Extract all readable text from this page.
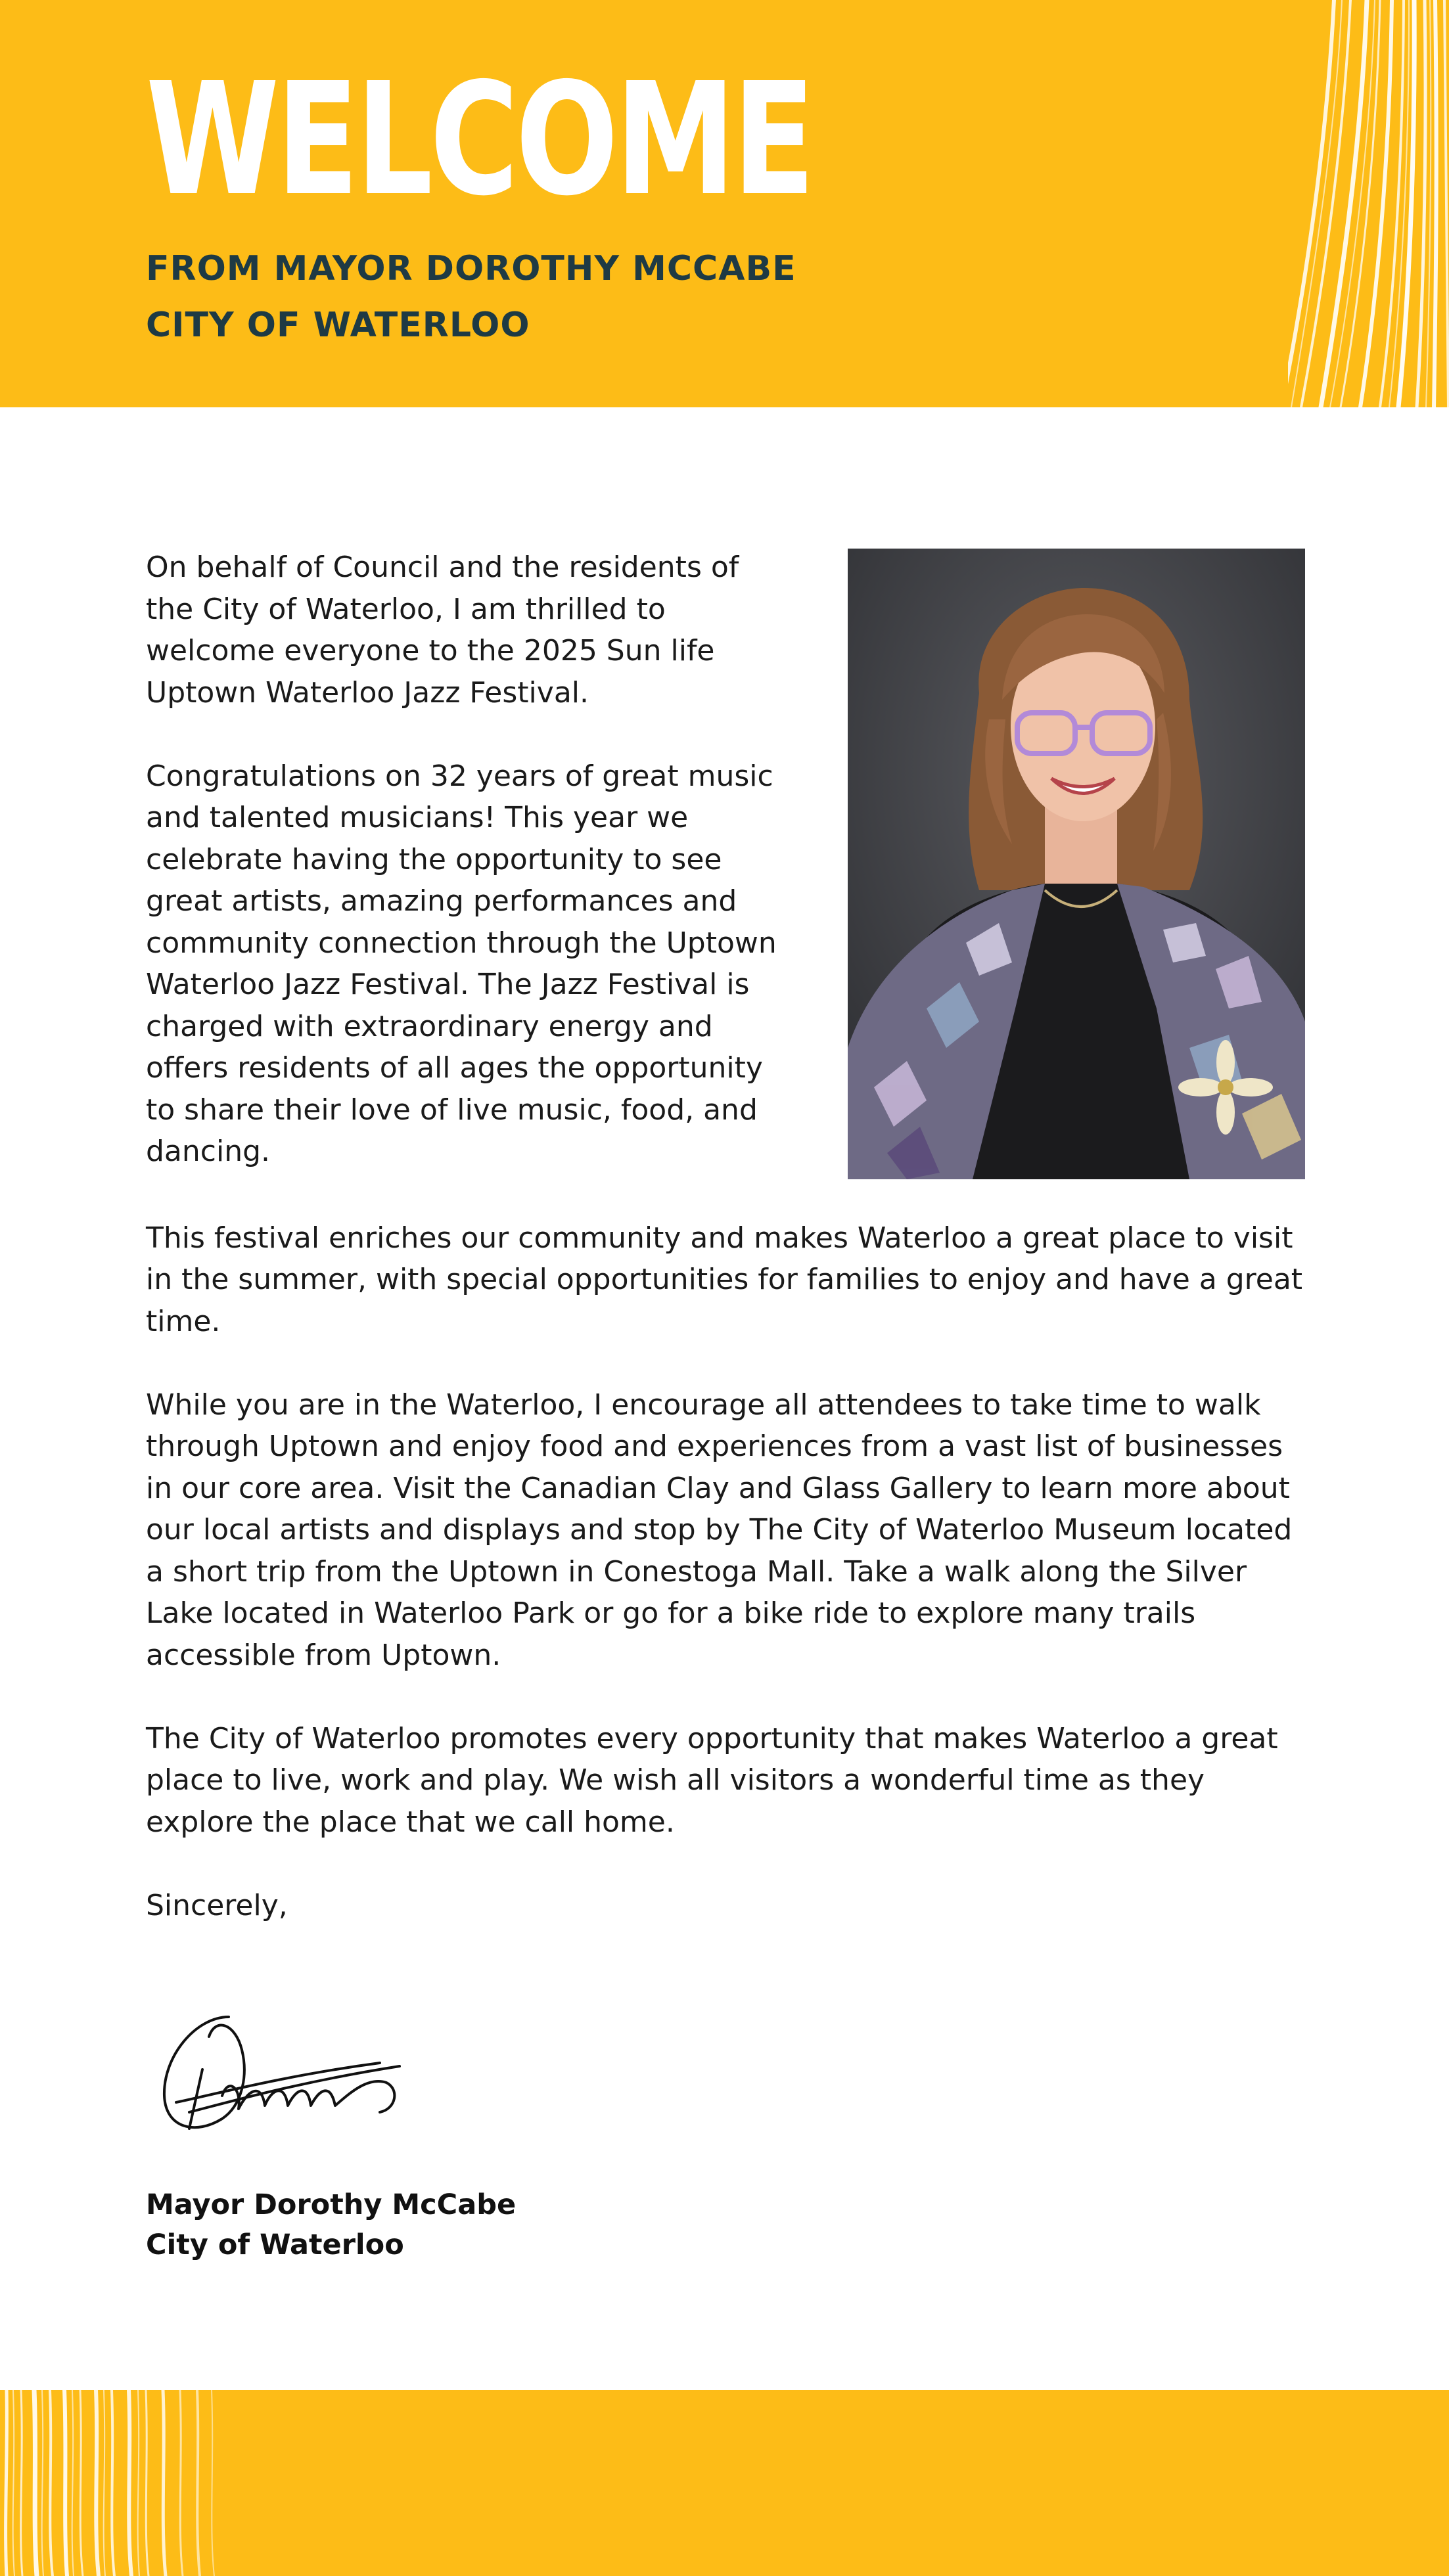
WELCOME
FROM MAYOR DOROTHY MCCABE
CITY OF WATERLOO

On behalf of Council and the residents of the City of Waterloo, I am thrilled to welcome everyone to the 2025 Sun life Uptown Waterloo Jazz Festival.

Congratulations on 32 years of great music and talented musicians! This year we celebrate having the opportunity to see great artists, amazing performances and community connection through the Uptown Waterloo Jazz Festival. The Jazz Festival is charged with extraordinary energy and offers residents of all ages the opportunity to share their love of live music, food, and dancing.

This festival enriches our community and makes Waterloo a great place to visit in the summer, with special opportunities for families to enjoy and have a great time.

While you are in the Waterloo, I encourage all attendees to take time to walk through Uptown and enjoy food and experiences from a vast list of businesses in our core area. Visit the Canadian Clay and Glass Gallery to learn more about our local artists and displays and stop by The City of Waterloo Museum located a short trip from the Uptown in Conestoga Mall. Take a walk along the Silver Lake located in Waterloo Park or go for a bike ride to explore many trails accessible from Uptown.

The City of Waterloo promotes every opportunity that makes Waterloo a great place to live, work and play. We wish all visitors a wonderful time as they explore the place that we call home.

Sincerely,

Mayor Dorothy McCabe
City of Waterloo
